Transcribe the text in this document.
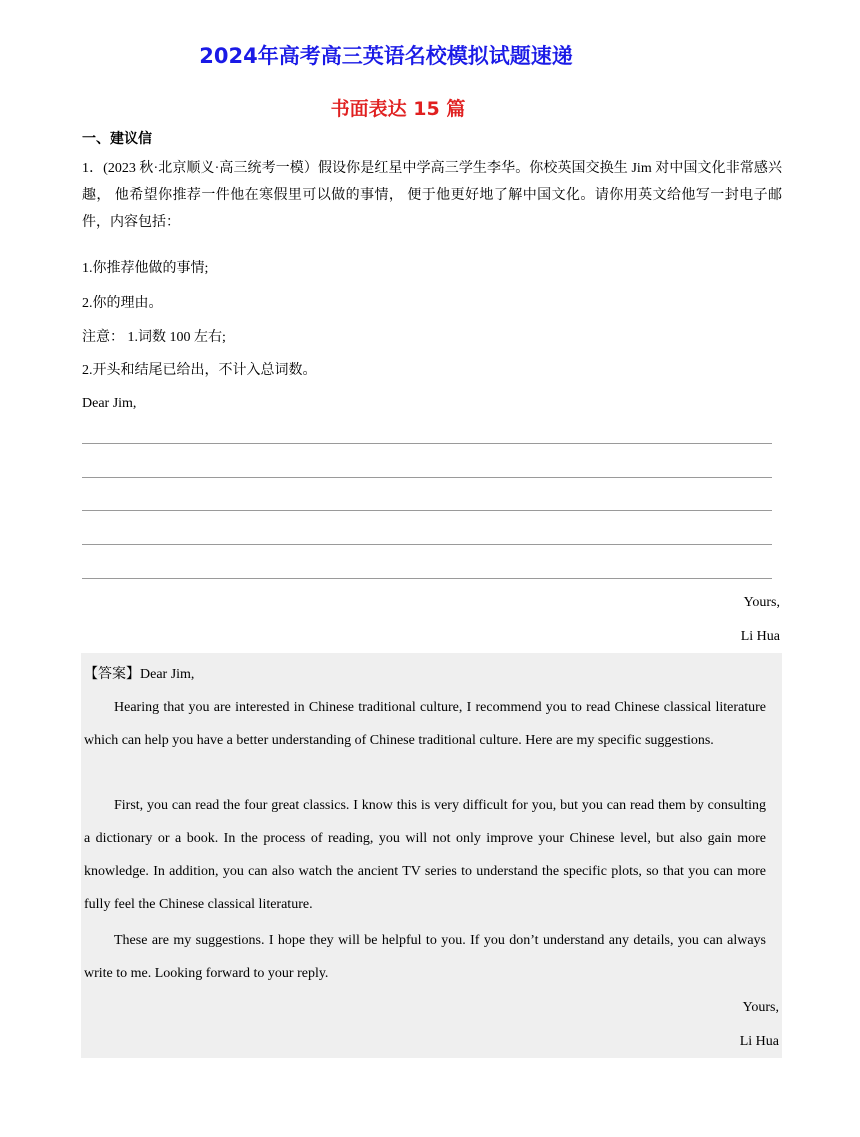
2024年高考高三英语名校模拟试题速递
书面表达 15 篇
一、建议信
1．(2023 秋·北京顺义·高三统考一模）假设你是红星中学高三学生李华。你校英国交换生 Jim 对中国文化非常感兴趣， 他希望你推荐一件他在寒假里可以做的事情， 便于他更好地了解中国文化。请你用英文给他写一封电子邮件，内容包括：
1.你推荐他做的事情;
2.你的理由。
注意： 1.词数 100 左右;
2.开头和结尾已给出，不计入总词数。
Dear Jim,
Yours,
Li Hua
【答案】Dear Jim,
Hearing that you are interested in Chinese traditional culture, I recommend you to read Chinese classical literature which can help you have a better understanding of Chinese traditional culture. Here are my specific suggestions.
First, you can read the four great classics. I know this is very difficult for you, but you can read them by consulting a dictionary or a book. In the process of reading, you will not only improve your Chinese level, but also gain more knowledge. In addition, you can also watch the ancient TV series to understand the specific plots, so that you can more fully feel the Chinese classical literature.
These are my suggestions. I hope they will be helpful to you. If you don’t understand any details, you can always write to me. Looking forward to your reply.
Yours,
Li Hua
